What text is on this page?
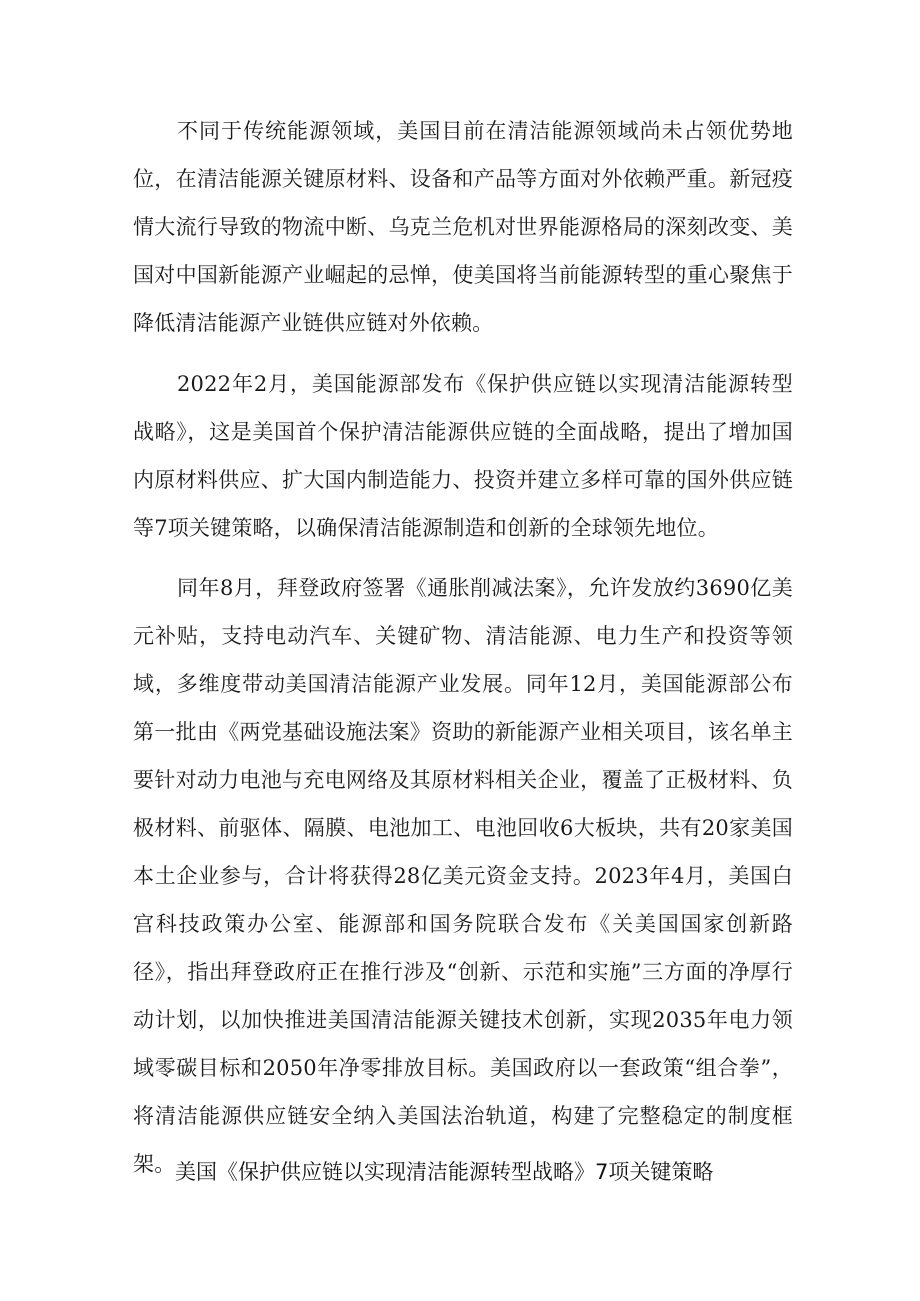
不同于传统能源领域，美国目前在清洁能源领域尚未占领优势地位，在清洁能源关键原材料、设备和产品等方面对外依赖严重。新冠疫情大流行导致的物流中断、乌克兰危机对世界能源格局的深刻改变、美国对中国新能源产业崛起的忌惮，使美国将当前能源转型的重心聚焦于降低清洁能源产业链供应链对外依赖。

2022年2月，美国能源部发布《保护供应链以实现清洁能源转型战略》，这是美国首个保护清洁能源供应链的全面战略，提出了增加国内原材料供应、扩大国内制造能力、投资并建立多样可靠的国外供应链等7项关键策略，以确保清洁能源制造和创新的全球领先地位。

同年8月，拜登政府签署《通胀削减法案》，允许发放约3690亿美元补贴，支持电动汽车、关键矿物、清洁能源、电力生产和投资等领域，多维度带动美国清洁能源产业发展。同年12月，美国能源部公布第一批由《两党基础设施法案》资助的新能源产业相关项目，该名单主要针对动力电池与充电网络及其原材料相关企业，覆盖了正极材料、负极材料、前驱体、隔膜、电池加工、电池回收6大板块，共有20家美国本土企业参与，合计将获得28亿美元资金支持。2023年4月，美国白宫科技政策办公室、能源部和国务院联合发布《关美国国家创新路径》，指出拜登政府正在推行涉及“创新、示范和实施”三方面的净厚行动计划，以加快推进美国清洁能源关键技术创新，实现2035年电力领域零碳目标和2050年净零排放目标。美国政府以一套政策“组合拳”，将清洁能源供应链安全纳入美国法治轨道，构建了完整稳定的制度框架。 美国《保护供应链以实现清洁能源转型战略》7项关键策略
